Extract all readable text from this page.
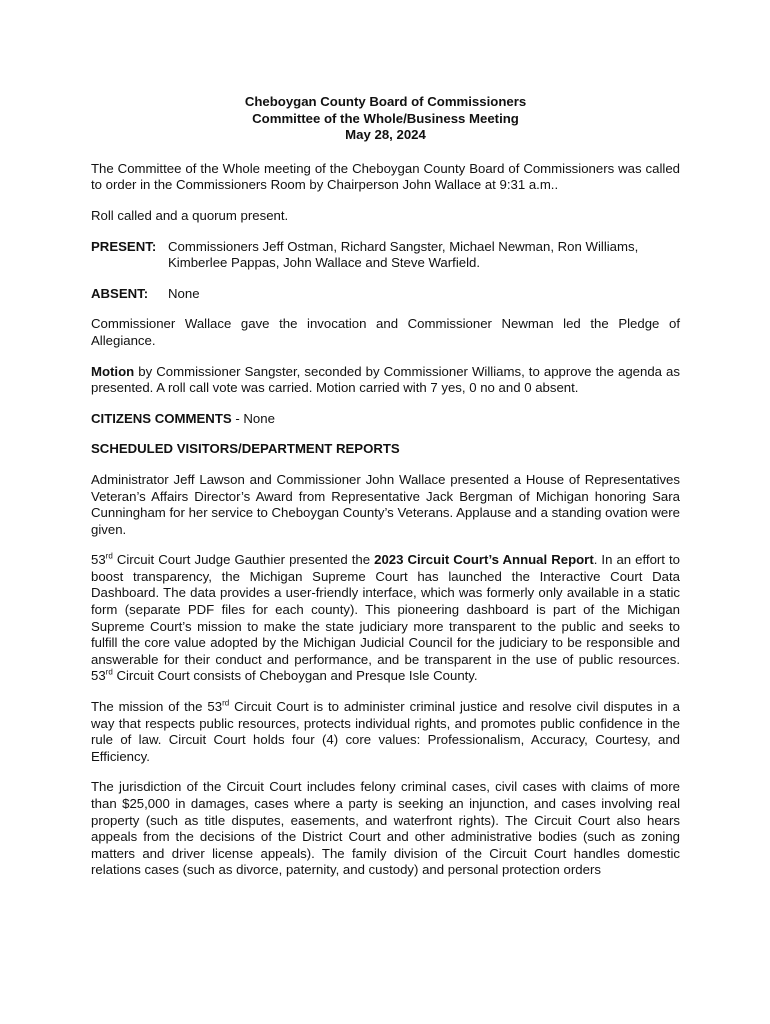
Cheboygan County Board of Commissioners
Committee of the Whole/Business Meeting
May 28, 2024

The Committee of the Whole meeting of the Cheboygan County Board of Commissioners was called to order in the Commissioners Room by Chairperson John Wallace at 9:31 a.m..

Roll called and a quorum present.

PRESENT: Commissioners Jeff Ostman, Richard Sangster, Michael Newman, Ron Williams, Kimberlee Pappas, John Wallace and Steve Warfield.
ABSENT:	None

Commissioner Wallace gave the invocation and Commissioner Newman led the Pledge of Allegiance.

Motion by Commissioner Sangster, seconded by Commissioner Williams, to approve the agenda as presented. A roll call vote was carried. Motion carried with 7 yes, 0 no and 0 absent.

CITIZENS COMMENTS - None

SCHEDULED VISITORS/DEPARTMENT REPORTS

Administrator Jeff Lawson and Commissioner John Wallace presented a House of Representatives Veteran’s Affairs Director’s Award from Representative Jack Bergman of Michigan honoring Sara Cunningham for her service to Cheboygan County’s Veterans. Applause and a standing ovation were given.

53rd Circuit Court Judge Gauthier presented the 2023 Circuit Court’s Annual Report. In an effort to boost transparency, the Michigan Supreme Court has launched the Interactive Court Data Dashboard. The data provides a user-friendly interface, which was formerly only available in a static form (separate PDF files for each county). This pioneering dashboard is part of the Michigan Supreme Court’s mission to make the state judiciary more transparent to the public and seeks to fulfill the core value adopted by the Michigan Judicial Council for the judiciary to be responsible and answerable for their conduct and performance, and be transparent in the use of public resources. 53rd Circuit Court consists of Cheboygan and Presque Isle County.

The mission of the 53rd Circuit Court is to administer criminal justice and resolve civil disputes in a way that respects public resources, protects individual rights, and promotes public confidence in the rule of law. Circuit Court holds four (4) core values: Professionalism, Accuracy, Courtesy, and Efficiency.

The jurisdiction of the Circuit Court includes felony criminal cases, civil cases with claims of more than $25,000 in damages, cases where a party is seeking an injunction, and cases involving real property (such as title disputes, easements, and waterfront rights). The Circuit Court also hears appeals from the decisions of the District Court and other administrative bodies (such as zoning matters and driver license appeals). The family division of the Circuit Court handles domestic relations cases (such as divorce, paternity, and custody) and personal protection orders
